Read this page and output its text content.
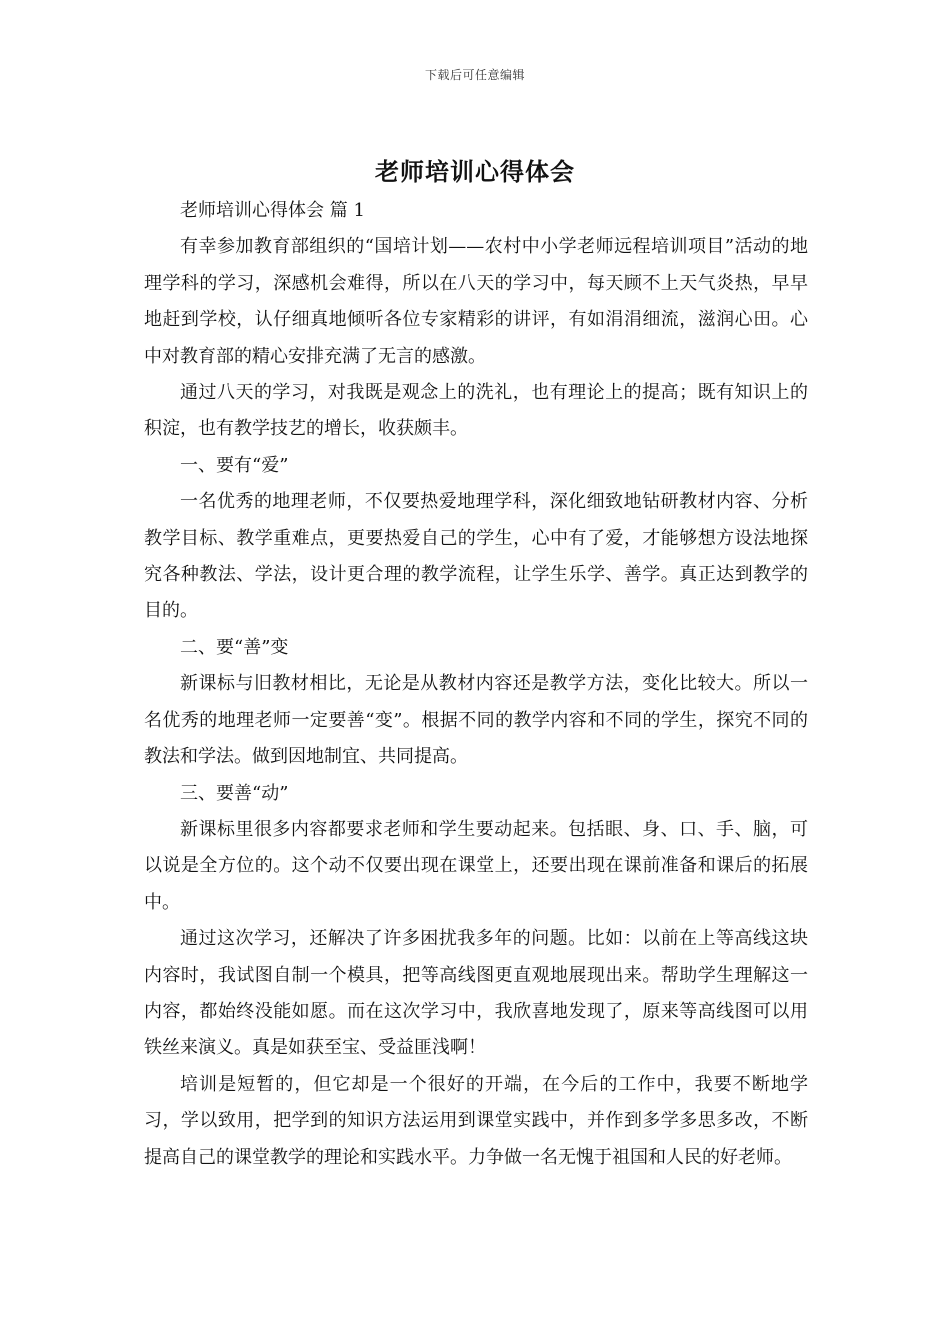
下载后可任意编辑
老师培训心得体会

老师培训心得体会 篇 1

有幸参加教育部组织的“国培计划——农村中小学老师远程培训项目”活动的地理学科的学习，深感机会难得，所以在八天的学习中，每天顾不上天气炎热，早早地赶到学校，认仔细真地倾听各位专家精彩的讲评，有如涓涓细流，滋润心田。心中对教育部的精心安排充满了无言的感激。

通过八天的学习，对我既是观念上的洗礼，也有理论上的提高；既有知识上的积淀，也有教学技艺的增长，收获颇丰。

一、要有“爱”

一名优秀的地理老师，不仅要热爱地理学科，深化细致地钻研教材内容、分析教学目标、教学重难点，更要热爱自己的学生，心中有了爱，才能够想方设法地探究各种教法、学法，设计更合理的教学流程，让学生乐学、善学。真正达到教学的目的。

二、要“善”变

新课标与旧教材相比，无论是从教材内容还是教学方法，变化比较大。所以一名优秀的地理老师一定要善“变”。根据不同的教学内容和不同的学生，探究不同的教法和学法。做到因地制宜、共同提高。

三、要善“动”

新课标里很多内容都要求老师和学生要动起来。包括眼、身、口、手、脑，可以说是全方位的。这个动不仅要出现在课堂上，还要出现在课前准备和课后的拓展中。

通过这次学习，还解决了许多困扰我多年的问题。比如：以前在上等高线这块内容时，我试图自制一个模具，把等高线图更直观地展现出来。帮助学生理解这一内容，都始终没能如愿。而在这次学习中，我欣喜地发现了，原来等高线图可以用铁丝来演义。真是如获至宝、受益匪浅啊！

培训是短暂的，但它却是一个很好的开端，在今后的工作中，我要不断地学习，学以致用，把学到的知识方法运用到课堂实践中，并作到多学多思多改，不断提高自己的课堂教学的理论和实践水平。力争做一名无愧于祖国和人民的好老师。
